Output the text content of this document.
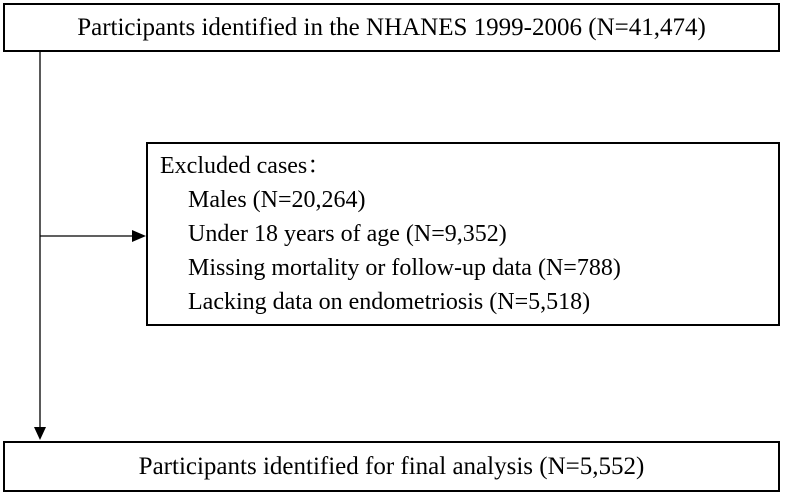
Participants identified in the NHANES 1999-2006 (N=41,474)
Excluded cases：
Males (N=20,264)
Under 18 years of age (N=9,352)
Missing mortality or follow-up data (N=788)
Lacking data on endometriosis (N=5,518)
Participants identified for final analysis (N=5,552)
